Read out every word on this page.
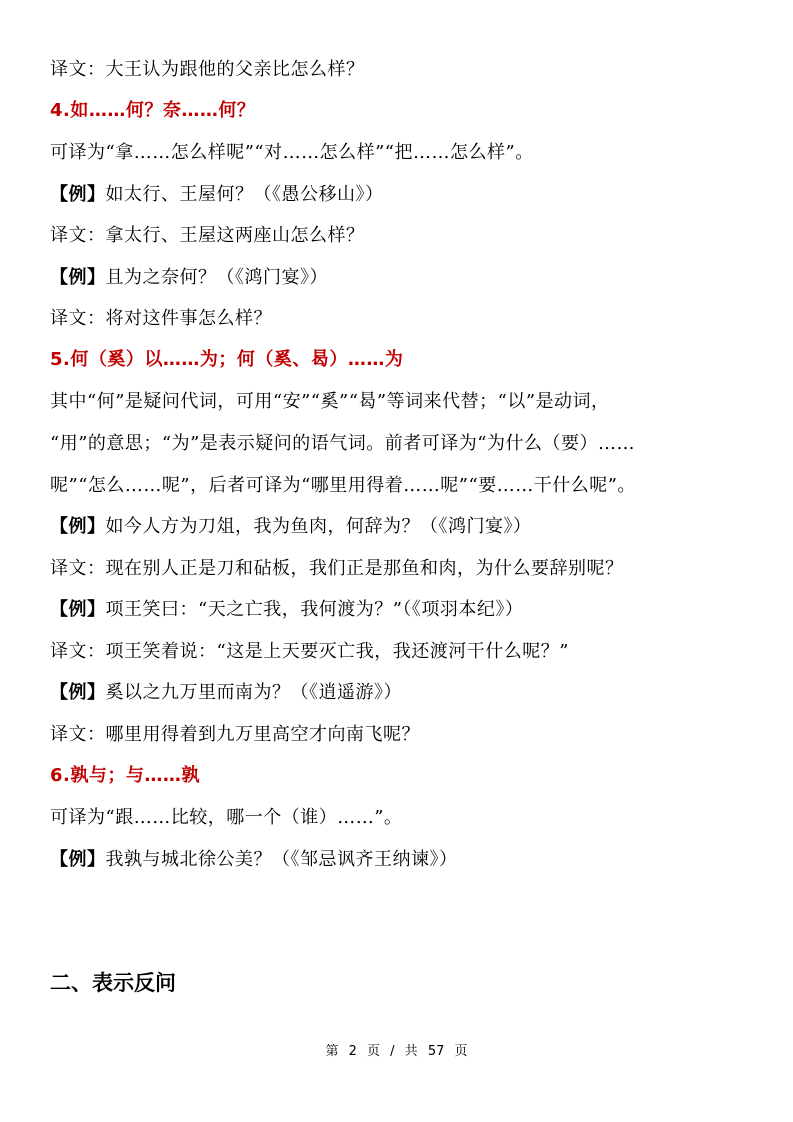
译文：大王认为跟他的父亲比怎么样？
4.如……何？奈……何？
可译为“拿……怎么样呢”“对……怎么样”“把……怎么样”。
【例】如太行、王屋何？（《愚公移山》）
译文：拿太行、王屋这两座山怎么样？
【例】且为之奈何？（《鸿门宴》）
译文：将对这件事怎么样？
5.何（奚）以……为；何（奚、曷）……为
其中“何”是疑问代词，可用“安”“奚”“曷”等词来代替；“以”是动词，
“用”的意思；“为”是表示疑问的语气词。前者可译为“为什么（要）……
呢”“怎么……呢”，后者可译为“哪里用得着……呢”“要……干什么呢”。
【例】如今人方为刀俎，我为鱼肉，何辞为？（《鸿门宴》）
译文：现在别人正是刀和砧板，我们正是那鱼和肉，为什么要辞别呢？
【例】项王笑曰：“天之亡我，我何渡为？”（《项羽本纪》）
译文：项王笑着说：“这是上天要灭亡我，我还渡河干什么呢？”
【例】奚以之九万里而南为？（《逍遥游》）
译文：哪里用得着到九万里高空才向南飞呢？
6.孰与；与……孰
可译为“跟……比较，哪一个（谁）……”。
【例】我孰与城北徐公美？（《邹忌讽齐王纳谏》）
二、表示反问
第 2 页 / 共 57 页
